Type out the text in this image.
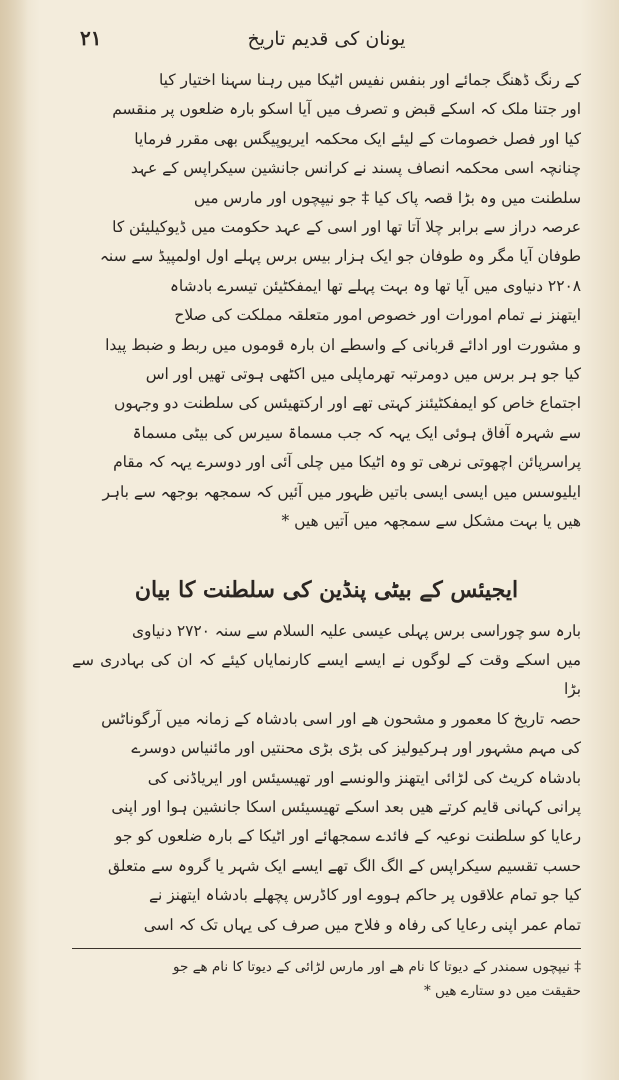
٢١	یونان کی قدیم تاریخ

کے رنگ ڈھنگ جمائے اور بنفس نفیس اٹیکا میں رہنا سہنا اختیار کیا

اور جتنا ملک کہ اسکے قبض و تصرف میں آیا اسکو بارہ ضلعوں پر منقسم

کیا اور فصل خصومات کے لیئے ایک محکمہ ایریوپیگس بھی مقرر فرمایا

چنانچہ اسی محکمہ انصاف پسند نے کرانس جانشین سیکراپس کے عہد

سلطنت میں وہ بڑا قصہ پاک کیا ‡ جو نیپچوں اور مارس میں

عرصہ دراز سے برابر چلا آتا تھا اور اسی کے عہد حکومت میں ڈیوکیلیئن کا

طوفان آیا مگر وہ طوفان جو ایک ہزار بیس برس پہلے اول اولمپیڈ سے سنہ

٢٢٠٨ دنیاوی میں آیا تھا وہ بہت پہلے تھا ایمفکٹیئن تیسرے بادشاہ

ایتھنز نے تمام امورات اور خصوص امور متعلقہ مملکت کی صلاح

و مشورت اور ادائے قربانی کے واسطے ان بارہ قوموں میں ربط و ضبط پیدا

کیا جو ہر برس میں دومرتبہ تھرماپلی میں اکٹھی ہوتی تھیں اور اس

اجتماع خاص کو ایمفکٹیئنز کہتی تھے اور ارکتھیئس کی سلطنت دو وجہوں

سے شہرہ آفاق ہوئی ایک یہہ کہ جب مسماۃ سیرس کی بیٹی مسماۃ

پراسرپائن اچھوتی نرھی تو وہ اٹیکا میں چلی آئی اور دوسرے یہہ کہ مقام

ایلیوسس میں ایسی ایسی باتیں ظہور میں آئیں کہ سمجھہ بوجھہ سے باہر

ھیں یا بہت مشکل سے سمجھہ میں آتیں ھیں *

ایجیئس کے بیٹی پنڈین کی سلطنت کا بیان

بارہ سو چوراسی برس پہلی عیسی علیہ السلام سے سنہ ٢٧٢٠ دنیاوی

میں اسکے وقت کے لوگوں نے ایسے ایسے کارنمایاں کیئے کہ ان کی بہادری سے بڑا

حصہ تاریخ کا معمور و مشحون ھے اور اسی بادشاہ کے زمانہ میں آرگوناٹس

کی مہم مشہور اور ہرکیولیز کی بڑی بڑی محنتیں اور مائنیاس دوسرے

بادشاہ کریٹ کی لڑائی ایتھنز والونسے اور تھیسیئس اور ایریاڈنی کی

پرانی کہانی قایم کرتے ھیں بعد اسکے تھیسیئس اسکا جانشین ہوا اور اپنی

رعایا کو سلطنت نوعیہ کے فائدے سمجھائے اور اٹیکا کے بارہ ضلعوں کو جو

حسب تقسیم سیکراپس کے الگ الگ تھے ایسے ایک شہر یا گروہ سے متعلق

کیا جو تمام علاقوں پر حاکم ہووے اور کاڈرس پچھلے بادشاہ ایتھنز نے

تمام عمر اپنی رعایا کی رفاہ و فلاح میں صرف کی یہاں تک کہ اسی

‡ نیپچوں سمندر کے دیوتا کا نام ھے اور مارس لڑائی کے دیوتا کا نام ھے جو
حقیقت میں دو ستارے ھیں *
